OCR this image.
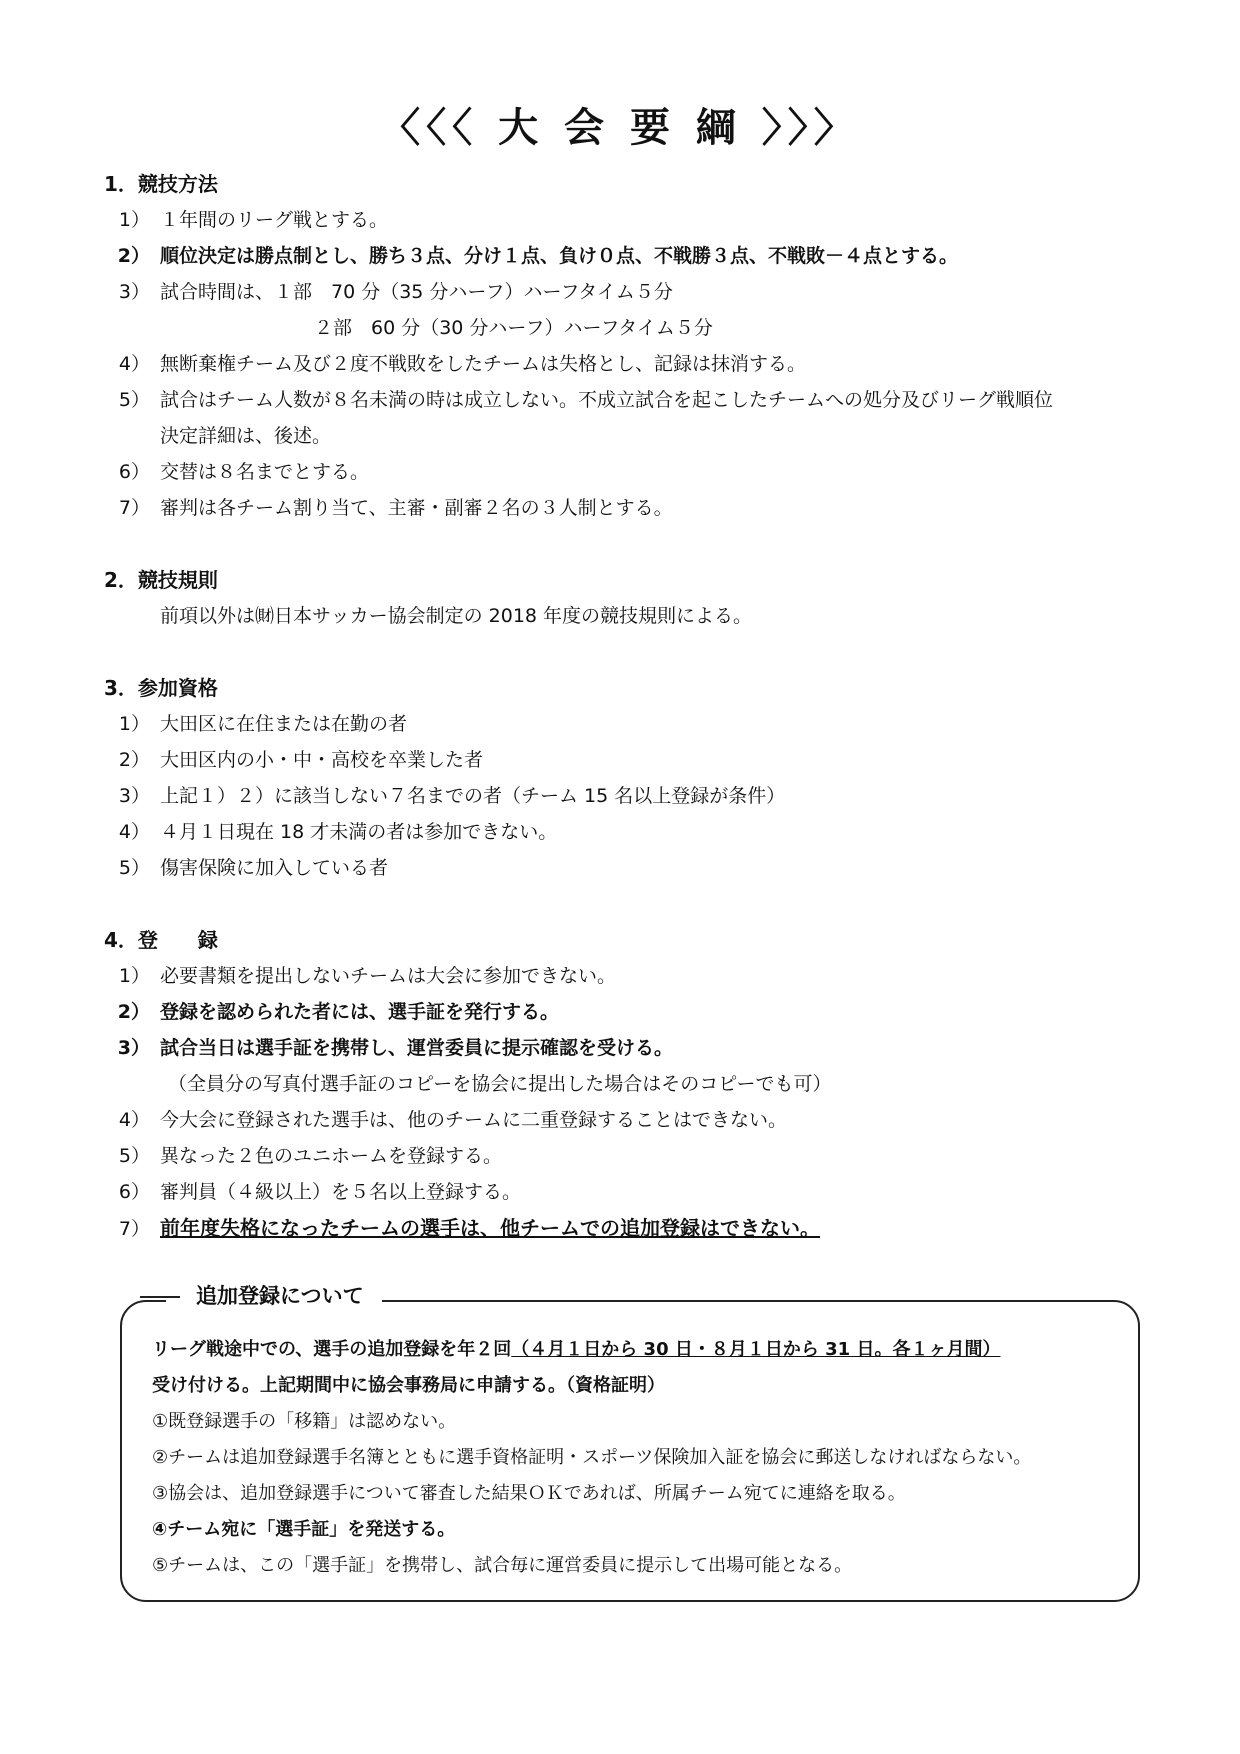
〈〈〈 大 会 要 綱 〉〉〉
1．競技方法
1） １年間のリーグ戦とする。
2） 順位決定は勝点制とし、勝ち３点、分け１点、負け０点、不戦勝３点、不戦敗－４点とする。
3） 試合時間は、１部　70 分（35 分ハーフ）ハーフタイム５分
２部　60 分（30 分ハーフ）ハーフタイム５分
4） 無断棄権チーム及び２度不戦敗をしたチームは失格とし、記録は抹消する。
5） 試合はチーム人数が８名未満の時は成立しない。不成立試合を起こしたチームへの処分及びリーグ戦順位
決定詳細は、後述。
6） 交替は８名までとする。
7） 審判は各チーム割り当て、主審・副審２名の３人制とする。
2．競技規則
前項以外は㈶日本サッカー協会制定の 2018 年度の競技規則による。
3．参加資格
1） 大田区に在住または在勤の者
2） 大田区内の小・中・高校を卒業した者
3） 上記１）２）に該当しない７名までの者（チーム 15 名以上登録が条件）
4） ４月１日現在 18 才未満の者は参加できない。
5） 傷害保険に加入している者
4．登　　録
1） 必要書類を提出しないチームは大会に参加できない。
2） 登録を認められた者には、選手証を発行する。
3） 試合当日は選手証を携帯し、運営委員に提示確認を受ける。
（全員分の写真付選手証のコピーを協会に提出した場合はそのコピーでも可）
4） 今大会に登録された選手は、他のチームに二重登録することはできない。
5） 異なった２色のユニホームを登録する。
6） 審判員（４級以上）を５名以上登録する。
7） 前年度失格になったチームの選手は、他チームでの追加登録はできない。
追加登録について
リーグ戦途中での、選手の追加登録を年２回（４月１日から 30 日・８月１日から 31 日。各１ヶ月間）
受け付ける。上記期間中に協会事務局に申請する。（資格証明）
①既登録選手の「移籍」は認めない。
②チームは追加登録選手名簿とともに選手資格証明・スポーツ保険加入証を協会に郵送しなければならない。
③協会は、追加登録選手について審査した結果ＯＫであれば、所属チーム宛てに連絡を取る。
④チーム宛に「選手証」を発送する。
⑤チームは、この「選手証」を携帯し、試合毎に運営委員に提示して出場可能となる。
